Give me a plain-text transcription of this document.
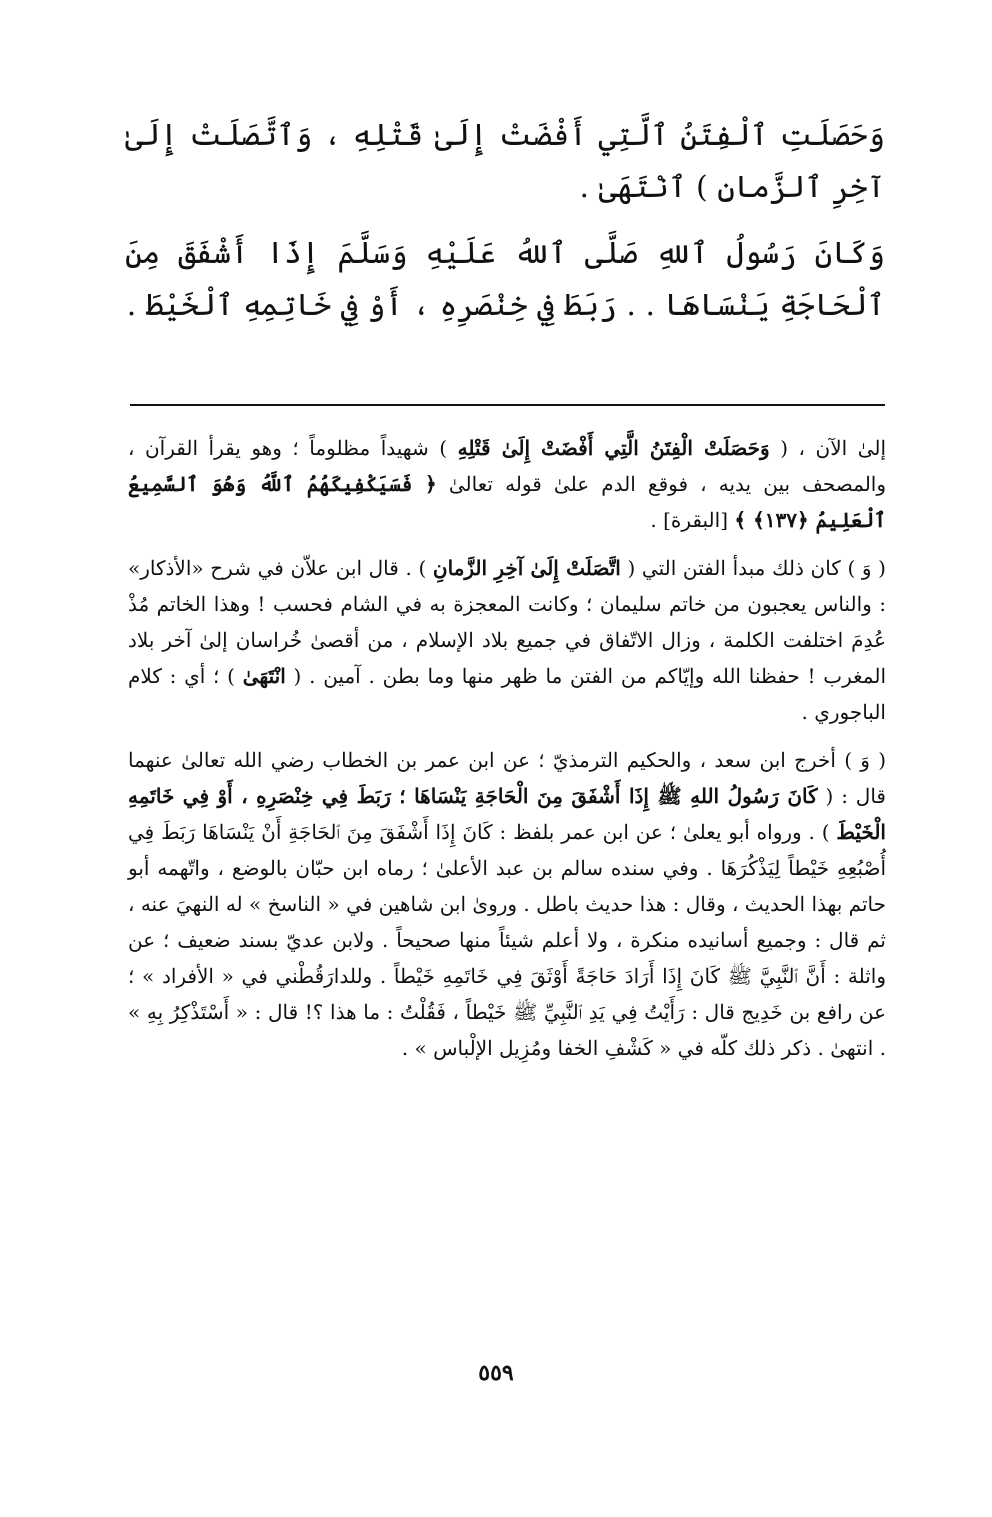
وَحَصَلَتِ ٱلْفِتَنُ ٱلَّتِي أَفْضَتْ إِلَىٰ قَتْلِهِ ، وَٱتَّصَلَتْ إِلَىٰ آخِرِ ٱلزَّمانِ ) ٱنْتَهَىٰ .

وَكَانَ رَسُولُ ٱللهِ صَلَّى ٱللهُ عَلَيْهِ وَسَلَّمَ إِذَا أَشْفَقَ مِنَ ٱلْحَاجَةِ يَنْسَاهَا . . رَبَطَ فِي خِنْصَرِهِ ، أَوْ فِي خَاتِمِهِ ٱلْخَيْطَ .

إلىٰ الآن ، ( وَحَصَلَتْ الْفِتَنُ الَّتِي أَفْضَتْ إِلَىٰ قَتْلِهِ ) شهيداً مظلوماً ؛ وهو يقرأ القرآن ، والمصحف بين يديه ، فوقع الدم علىٰ قوله تعالىٰ ﴿ فَسَيَكْفِيكَهُمُ ٱللَّهُ وَهُوَ ٱلسَّمِيعُ ٱلْعَلِيمُ ﴿١٣٧﴾ ﴾ [البقرة] .

( وَ ) كان ذلك مبدأ الفتن التي ( اتَّصَلَتْ إِلَىٰ آخِرِ الزَّمانِ ) . قال ابن علاّن في شرح «الأذكار» : والناس يعجبون من خاتم سليمان ؛ وكانت المعجزة به في الشام فحسب ! وهذا الخاتم مُذْ عُدِمَ اختلفت الكلمة ، وزال الاتّفاق في جميع بلاد الإسلام ، من أقصىٰ خُراسان إلىٰ آخر بلاد المغرب ! حفظنا الله وإيّاكم من الفتن ما ظهر منها وما بطن . آمين . ( انْتَهَىٰ ) ؛ أي : كلام الباجوري .

( وَ ) أخرج ابن سعد ، والحكيم الترمذيّ ؛ عن ابن عمر بن الخطاب رضي الله تعالىٰ عنهما قال : ( كَانَ رَسُولُ اللهِ ﷺ إِذَا أَشْفَقَ مِنَ الْحَاجَةِ يَنْسَاهَا ؛ رَبَطَ فِي خِنْصَرِهِ ، أَوْ فِي خَاتَمِهِ الْخَيْطَ ) . ورواه أبو يعلىٰ ؛ عن ابن عمر بلفظ : كَانَ إِذَا أَشْفَقَ مِنَ ٱلحَاجَةِ أَنْ يَنْسَاهَا رَبَطَ فِي أُصْبُعِهِ خَيْطاً لِيَذْكُرَهَا . وفي سنده سالم بن عبد الأعلىٰ ؛ رماه ابن حبّان بالوضع ، واتّهمه أبو حاتم بهذا الحديث ، وقال : هذا حديث باطل . وروىٰ ابن شاهين في « الناسخ » له النهيَ عنه ، ثم قال : وجميع أسانيده منكرة ، ولا أعلم شيئاً منها صحيحاً . ولابن عديّ بسند ضعيف ؛ عن واثلة : أَنَّ ٱلنَّبِيَّ ﷺ كَانَ إِذَا أَرَادَ حَاجَةً أَوْثَقَ فِي خَاتَمِهِ خَيْطاً . وللدارَقُطْني في « الأفراد » ؛ عن رافع بن خَدِيج قال : رَأَيْتُ فِي يَدِ ٱلنَّبِيِّ ﷺ خَيْطاً ، فَقُلْتُ : ما هذا ؟! قال : « أَسْتَذْكِرُ بِهِ » . انتهىٰ . ذكر ذلك كلّه في « كَشْفِ الخفا ومُزِيل الإلْباس » .

٥٥٩
